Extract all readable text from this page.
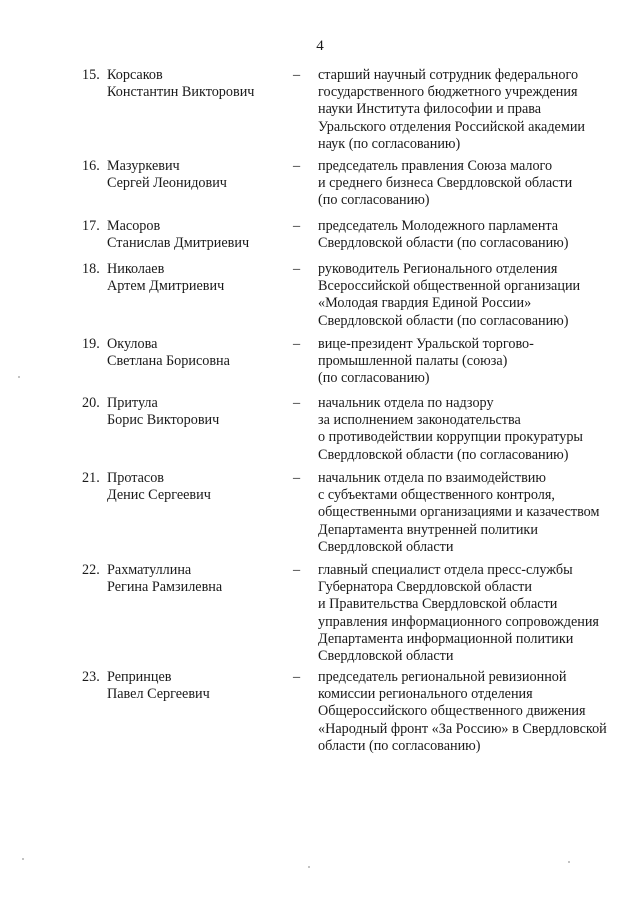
4
15. Корсаков
Константин Викторович
–	старший научный сотрудник федерального
государственного бюджетного учреждения
науки Института философии и права
Уральского отделения Российской академии
наук (по согласованию)
16. Мазуркевич
Сергей Леонидович
–	председатель правления Союза малого
и среднего бизнеса Свердловской области
(по согласованию)
17. Масоров
Станислав Дмитриевич
–	председатель Молодежного парламента
Свердловской области (по согласованию)
18. Николаев
Артем Дмитриевич
–	руководитель Регионального отделения
Всероссийской общественной организации
«Молодая гвардия Единой России»
Свердловской области (по согласованию)
19. Окулова
Светлана Борисовна
–	вице-президент Уральской торгово-
промышленной палаты (союза)
(по согласованию)
20. Притула
Борис Викторович
–	начальник отдела по надзору
за исполнением законодательства
о противодействии коррупции прокуратуры
Свердловской области (по согласованию)
21. Протасов
Денис Сергеевич
–	начальник отдела по взаимодействию
с субъектами общественного контроля,
общественными организациями и казачеством
Департамента внутренней политики
Свердловской области
22. Рахматуллина
Регина Рамзилевна
–	главный специалист отдела пресс-службы
Губернатора Свердловской области
и Правительства Свердловской области
управления информационного сопровождения
Департамента информационной политики
Свердловской области
23. Репринцев
Павел Сергеевич
–	председатель региональной ревизионной
комиссии регионального отделения
Общероссийского общественного движения
«Народный фронт «За Россию» в Свердловской
области (по согласованию)
